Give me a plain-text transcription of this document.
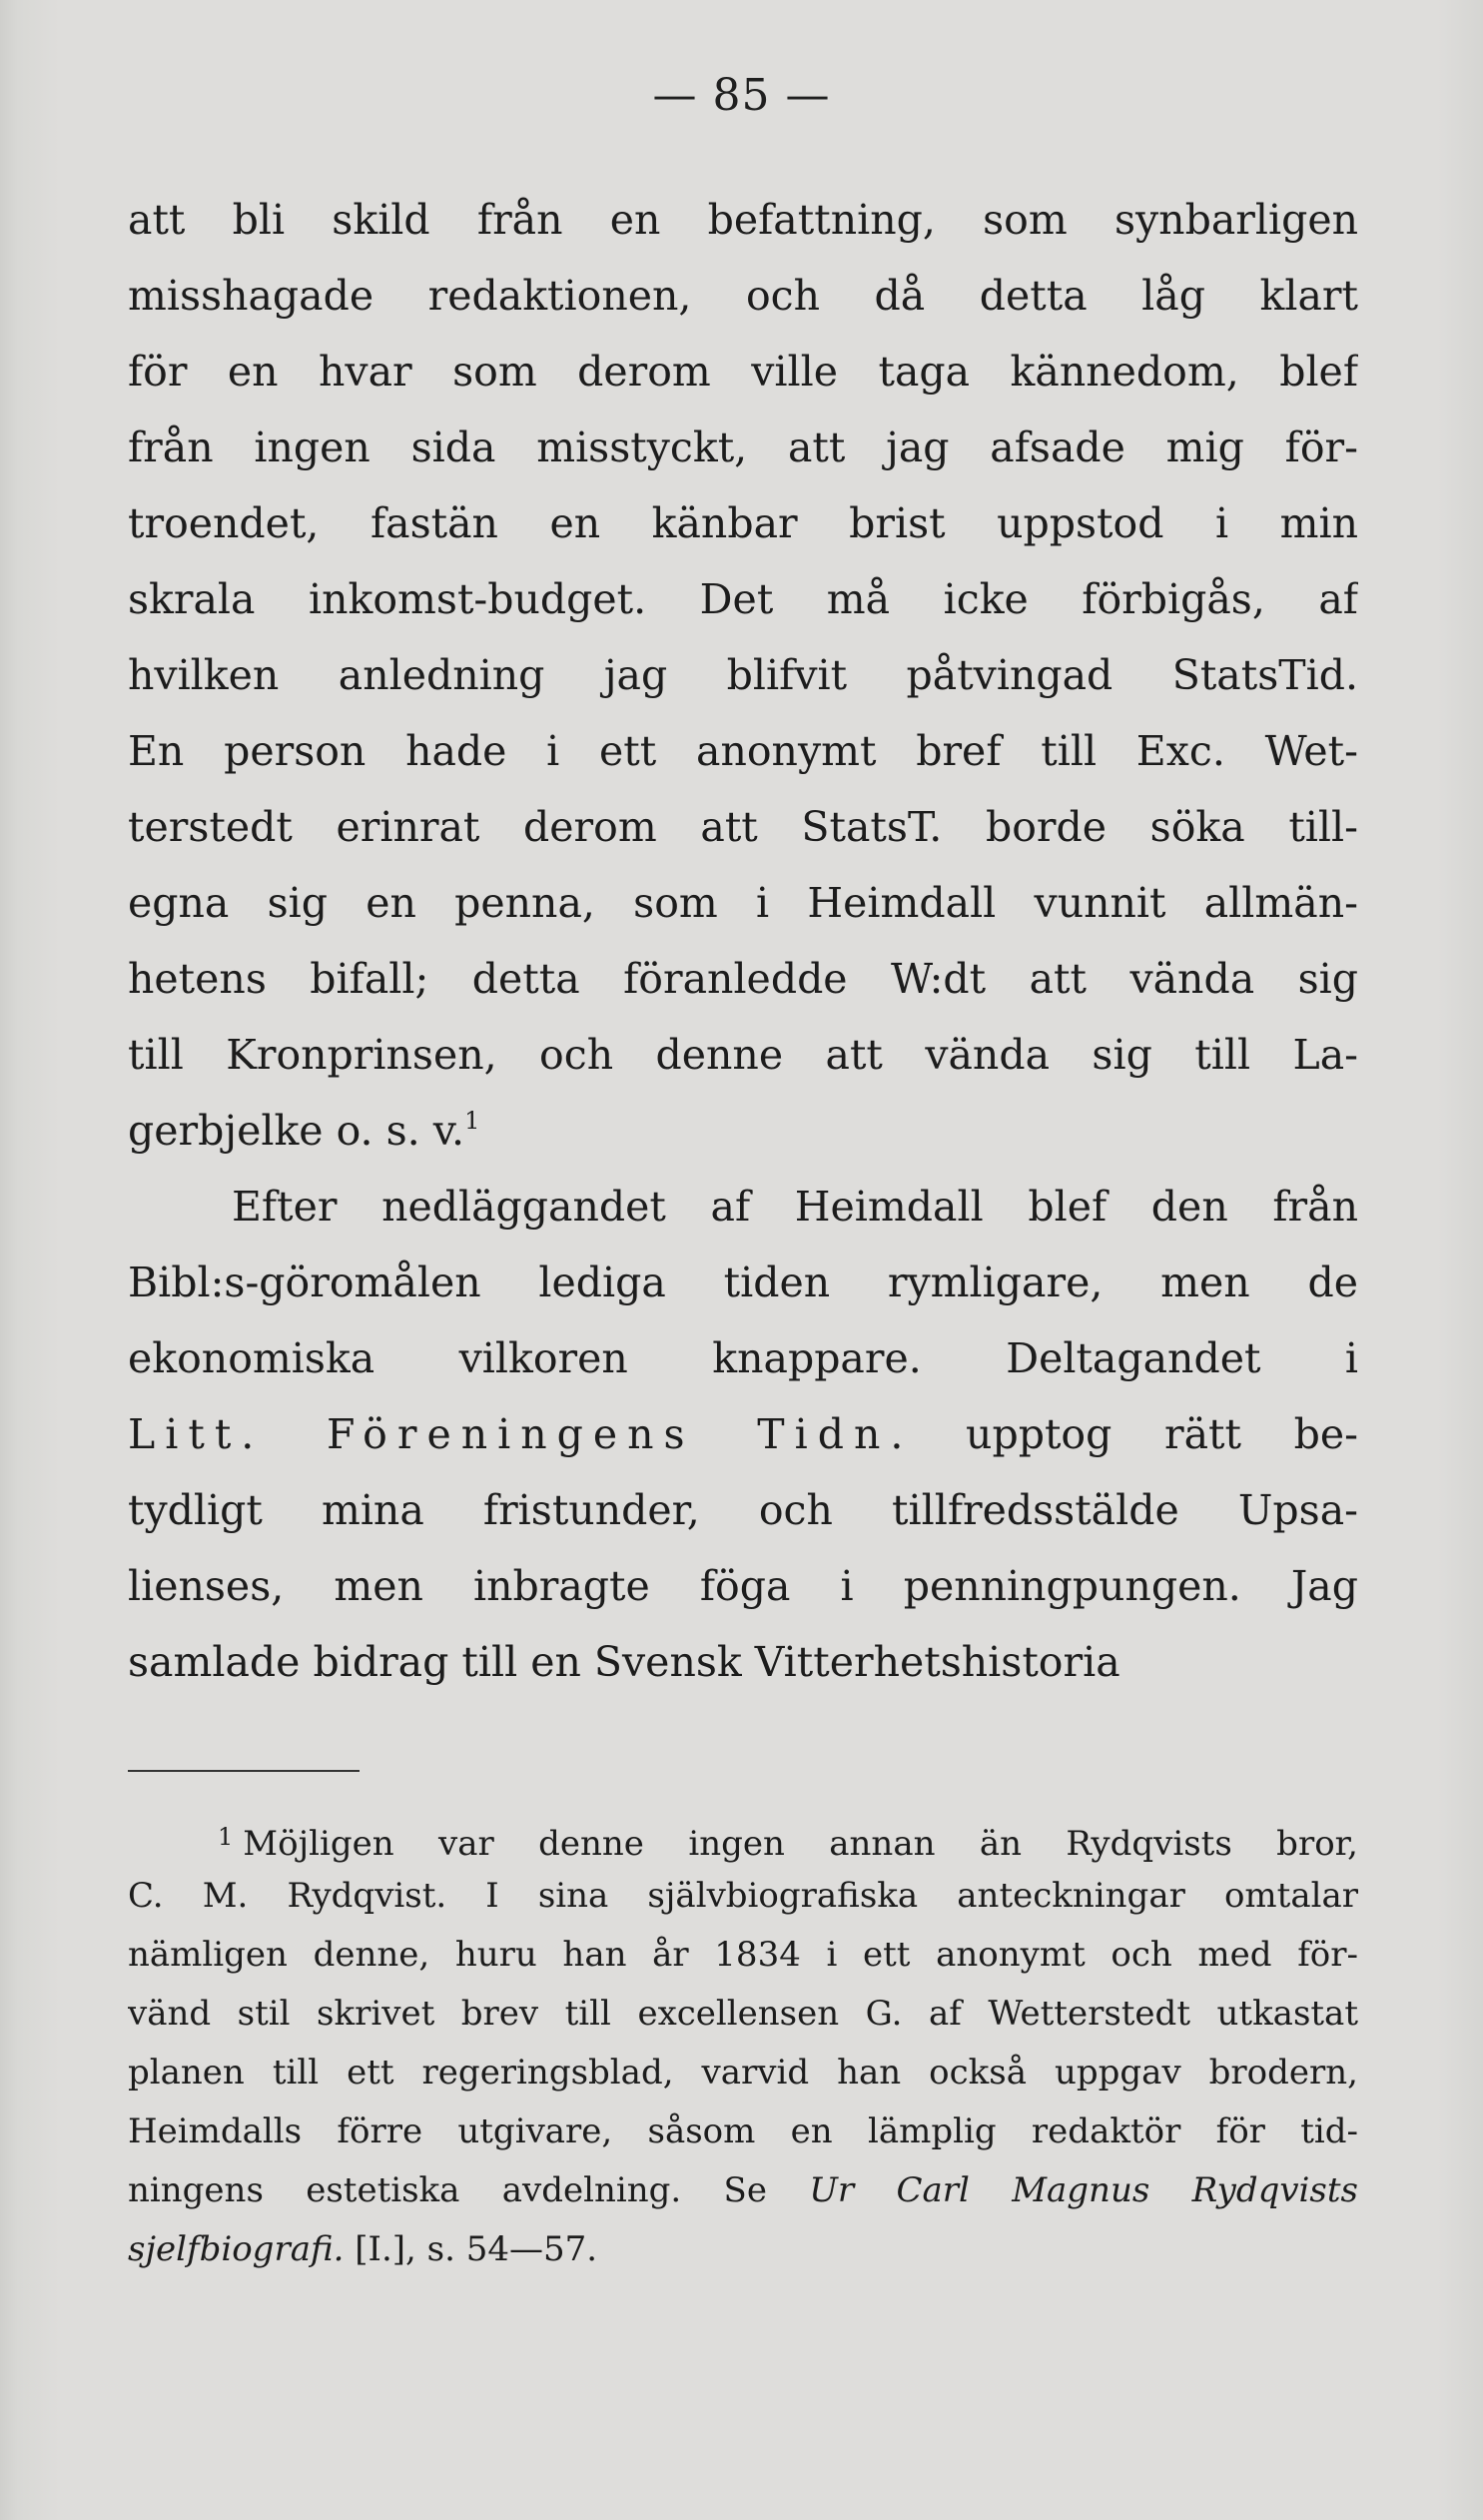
— 85 —
att bli skild från en befattning, som synbarligen
misshagade redaktionen, och då detta låg klart
för en hvar som derom ville taga kännedom, blef
från ingen sida misstyckt, att jag afsade mig för-
troendet, fastän en känbar brist uppstod i min
skrala inkomst-budget. Det må icke förbigås, af
hvilken anledning jag blifvit påtvingad StatsTid.
En person hade i ett anonymt bref till Exc. Wet-
terstedt erinrat derom att StatsT. borde söka till-
egna sig en penna, som i Heimdall vunnit allmän-
hetens bifall; detta föranledde W:dt att vända sig
till Kronprinsen, och denne att vända sig till La-
gerbjelke o. s. v.$^1$
Efter nedläggandet af Heimdall blef den från
Bibl:s-göromålen lediga tiden rymligare, men de
ekonomiska vilkoren knappare. Deltagandet i
Litt. Föreningens Tidn. upptog rätt be-
tydligt mina fristunder, och tillfredsstälde Upsa-
lienses, men inbragte föga i penningpungen. Jag
samlade bidrag till en Svensk Vitterhetshistoria
$^1$ Möjligen var denne ingen annan än Rydqvists bror,
C. M. Rydqvist. I sina självbiografiska anteckningar omtalar
nämligen denne, huru han år 1834 i ett anonymt och med för-
vänd stil skrivet brev till excellensen G. af Wetterstedt utkastat
planen till ett regeringsblad, varvid han också uppgav brodern,
Heimdalls förre utgivare, såsom en lämplig redaktör för tid-
ningens estetiska avdelning. Se Ur Carl Magnus Rydqvists
sjelfbiografi. [I.], s. 54—57.
